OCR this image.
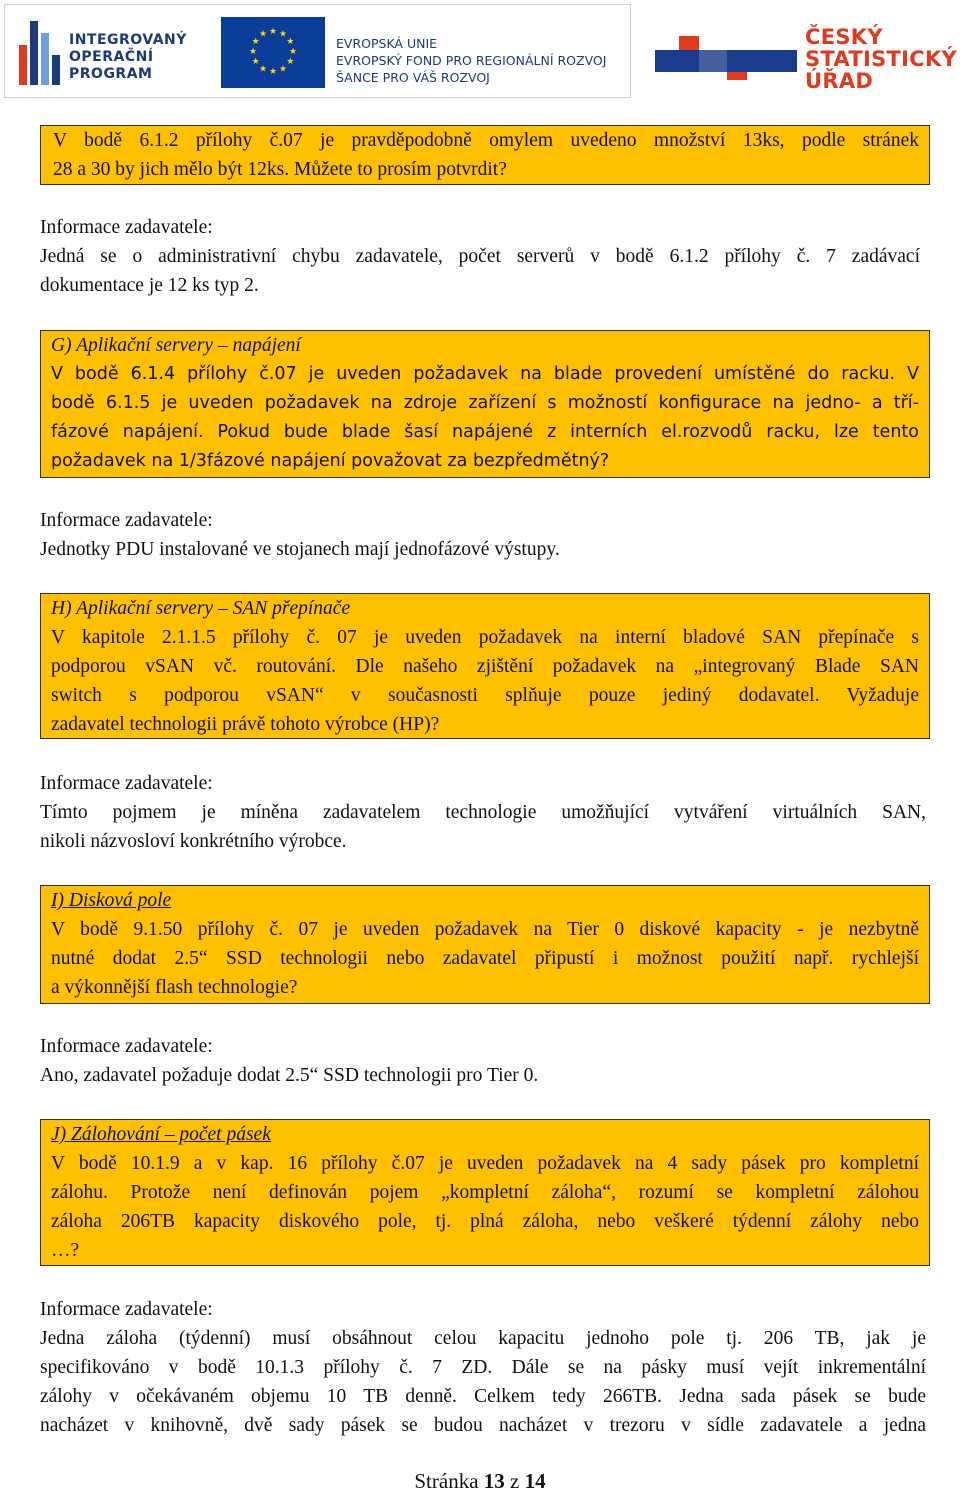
INTEGROVANÝ
OPERAČNÍ
PROGRAM
★ ★
★
★
★
★
★
★
★
★
★
★
EVROPSKÁ UNIE
EVROPSKÝ FOND PRO REGIONÁLNÍ ROZVOJ
ŠANCE PRO VÁŠ ROZVOJ
ČESKÝ
STATISTICKÝ
ÚŘAD
V bodě 6.1.2 přílohy č.07 je pravděpodobně omylem uvedeno množství 13ks, podle stránek
28 a 30 by jich mělo být 12ks. Můžete to prosím potvrdit?
Informace zadavatele:
Jedná se o administrativní chybu zadavatele, počet serverů v bodě 6.1.2 přílohy č. 7 zadávací
dokumentace je 12 ks typ 2.
G) Aplikační servery – napájení
V bodě 6.1.4 přílohy č.07 je uveden požadavek na blade provedení umístěné do racku. V
bodě 6.1.5 je uveden požadavek na zdroje zařízení s možností konfigurace na jedno- a tří-
fázové napájení. Pokud bude blade šasí napájené z interních el.rozvodů racku, lze tento
požadavek na 1/3fázové napájení považovat za bezpředmětný?
Informace zadavatele:
Jednotky PDU instalované ve stojanech mají jednofázové výstupy.
H) Aplikační servery – SAN přepínače
V kapitole 2.1.1.5 přílohy č. 07 je uveden požadavek na interní bladové SAN přepínače s
podporou vSAN vč. routování. Dle našeho zjištění požadavek na „integrovaný Blade SAN
switch s podporou vSAN“ v současnosti splňuje pouze jediný dodavatel. Vyžaduje
zadavatel technologii právě tohoto výrobce (HP)?
Informace zadavatele:
Tímto pojmem je míněna zadavatelem technologie umožňující vytváření virtuálních SAN,
nikoli názvosloví konkrétního výrobce.
I) Disková pole
V bodě 9.1.50 přílohy č. 07 je uveden požadavek na Tier 0 diskové kapacity - je nezbytně
nutné dodat 2.5“ SSD technologii nebo zadavatel připustí i možnost použití např. rychlejší
a výkonnější flash technologie?
Informace zadavatele:
Ano, zadavatel požaduje dodat 2.5“ SSD technologii pro Tier 0.
J) Zálohování – počet pásek
V bodě 10.1.9 a v kap. 16 přílohy č.07 je uveden požadavek na 4 sady pásek pro kompletní
zálohu. Protože není definován pojem „kompletní záloha“, rozumí se kompletní zálohou
záloha 206TB kapacity diskového pole, tj. plná záloha, nebo veškeré týdenní zálohy nebo
…?
Informace zadavatele:
Jedna záloha (týdenní) musí obsáhnout celou kapacitu jednoho pole tj. 206 TB, jak je
specifikováno v bodě 10.1.3 přílohy č. 7 ZD. Dále se na pásky musí vejít inkrementální
zálohy v očekávaném objemu 10 TB denně. Celkem tedy 266TB. Jedna sada pásek se bude
nacházet v knihovně, dvě sady pásek se budou nacházet v trezoru v sídle zadavatele a jedna
Stránka 13 z 14
